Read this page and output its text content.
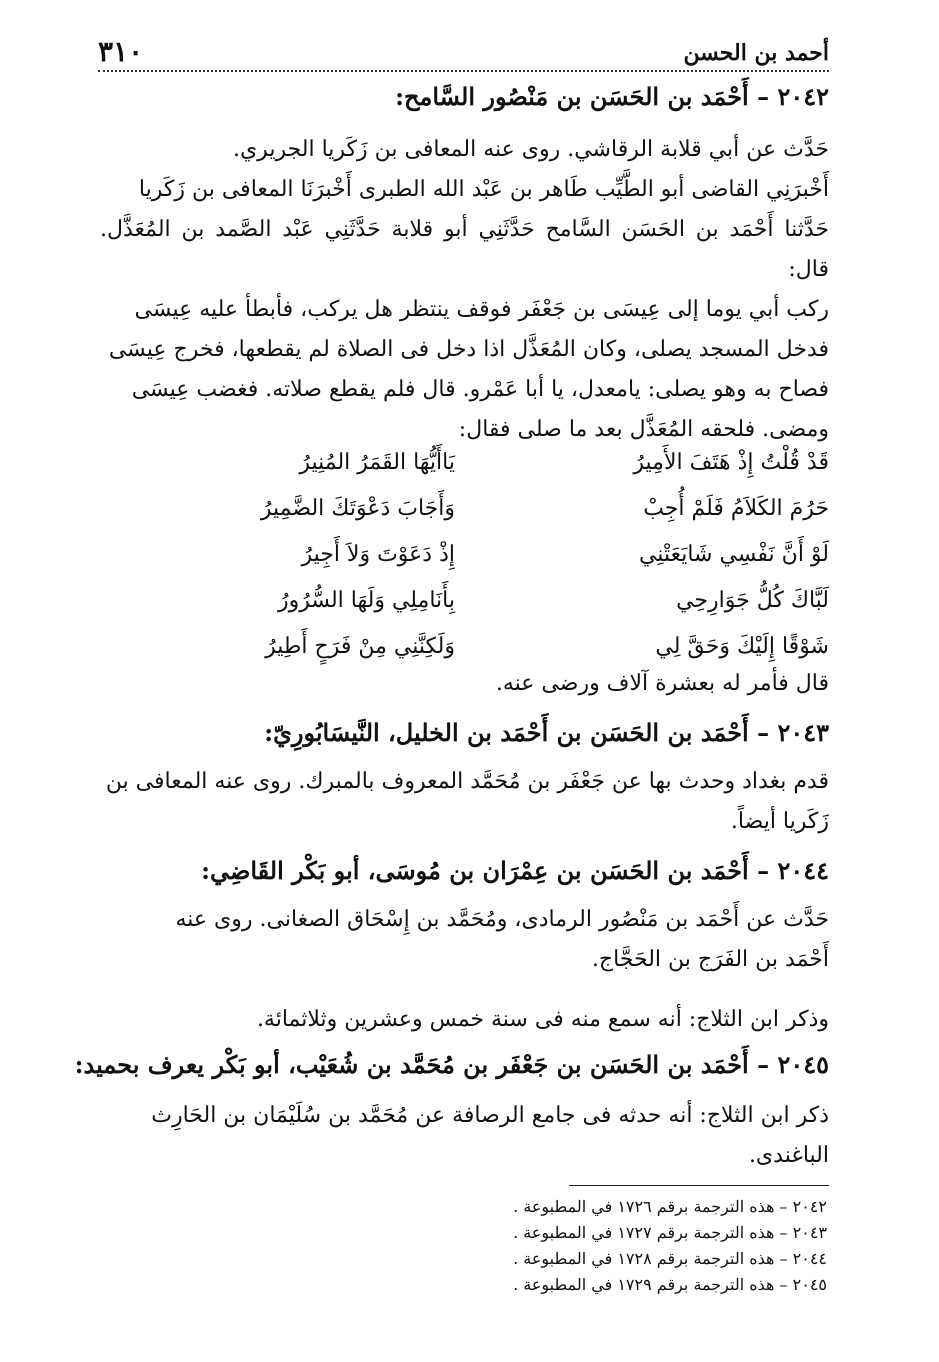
أحمد بن الحسن
٣١٠
٢٠٤٢ – أَحْمَد بن الحَسَن بن مَنْصُور السَّامح:
حَدَّث عن أبي قلابة الرقاشي. روى عنه المعافى بن زَكَريا الجريري.
أَخْبرَنِي القاضى أبو الطَّيِّب طَاهر بن عَبْد الله الطبرى أَخْبرَنَا المعافى بن زَكَريا
حَدَّثنا أَحْمَد بن الحَسَن السَّامح حَدَّثَنِي أبو قلابة حَدَّثَنِي عَبْد الصَّمد بن المُعَذَّل. قال:
ركب أبي يوما إلى عِيسَى بن جَعْفَر فوقف ينتظر هل يركب، فأبطأ عليه عِيسَى
فدخل المسجد يصلى، وكان المُعَذَّل اذا دخل فى الصلاة لم يقطعها، فخرج عِيسَى
فصاح به وهو يصلى: يامعدل، يا أبا عَمْرو. قال فلم يقطع صلاته. فغضب عِيسَى
ومضى. فلحقه المُعَذَّل بعد ما صلى فقال:
قَدْ قُلْتُ إِذْ هَتَفَ الأَمِيرُ
يَاأَيُّهَا القَمَرُ المُنِيرُ
حَرُمَ الكَلاَمُ فَلَمْ أُجِبْ
وَأَجَابَ دَعْوَتَكَ الضَّمِيرُ
لَوْ أَنَّ نَفْسِي شَايَعَتْنِي
إِذْ دَعَوْتَ وَلاَ أَجِيرُ
لَبَّاكَ كُلُّ جَوَارِحِي
بِأَنَامِلِي وَلَهَا السُّرُورُ
شَوْقًا إِلَيْكَ وَحَقَّ لِي
وَلَكِنَّنِي مِنْ فَرَحٍ أَطِيرُ
قال فأمر له بعشرة آلاف ورضى عنه.
٢٠٤٣ – أَحْمَد بن الحَسَن بن أَحْمَد بن الخليل، النَّيسَابُورِيّ:
قدم بغداد وحدث بها عن جَعْفَر بن مُحَمَّد المعروف بالمبرك. روى عنه المعافى بن
زَكَريا أيضاً.
٢٠٤٤ – أَحْمَد بن الحَسَن بن عِمْرَان بن مُوسَى، أبو بَكْر القَاضِي:
حَدَّث عن أَحْمَد بن مَنْصُور الرمادى، ومُحَمَّد بن إِسْحَاق الصغانى. روى عنه
أَحْمَد بن الفَرَج بن الحَجَّاج.
وذكر ابن الثلاج: أنه سمع منه فى سنة خمس وعشرين وثلاثمائة.
٢٠٤٥ – أَحْمَد بن الحَسَن بن جَعْفَر بن مُحَمَّد بن شُعَيْب، أبو بَكْر يعرف بحميد:
ذكر ابن الثلاج: أنه حدثه فى جامع الرصافة عن مُحَمَّد بن سُلَيْمَان بن الحَارِث
الباغندى.
٢٠٤٢ – هذه الترجمة برقم ١٧٢٦ في المطبوعة .
٢٠٤٣ – هذه الترجمة برقم ١٧٢٧ في المطبوعة .
٢٠٤٤ – هذه الترجمة برقم ١٧٢٨ في المطبوعة .
٢٠٤٥ – هذه الترجمة برقم ١٧٢٩ في المطبوعة .
